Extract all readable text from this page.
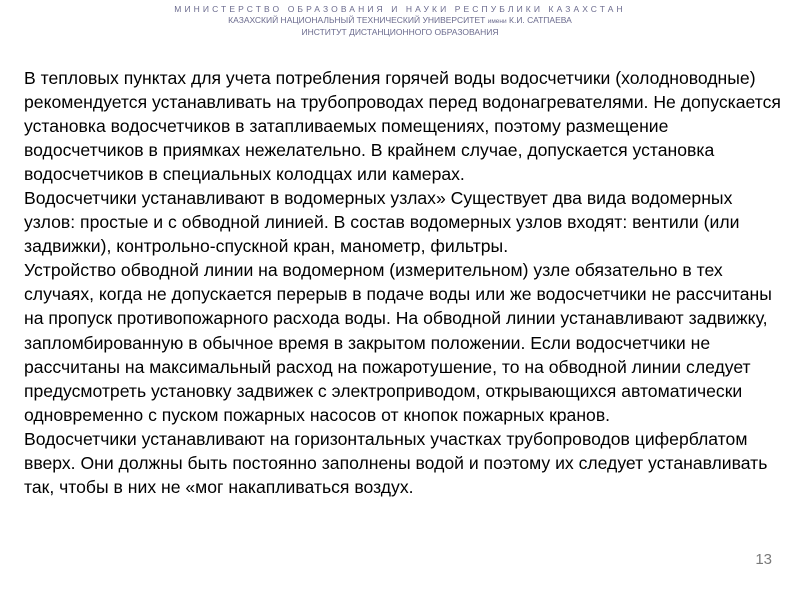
МИНИСТЕРСТВО ОБРАЗОВАНИЯ И НАУКИ РЕСПУБЛИКИ КАЗАХСТАН
КАЗАХСКИЙ НАЦИОНАЛЬНЫЙ ТЕХНИЧЕСКИЙ УНИВЕРСИТЕТ имени К.И. САТПАЕВА
ИНСТИТУТ ДИСТАНЦИОННОГО ОБРАЗОВАНИЯ

В тепловых пунктах для учета потребления горячей воды водосчетчики (холодноводные) рекомендуется устанавливать на трубопроводах перед водонагревателями. Не допускается установка водосчетчиков в затапливаемых помещениях, поэтому размещение водосчетчиков в приямках нежелательно. В крайнем случае, допускается установка водосчетчиков в специальных колодцах или камерах.

Водосчетчики устанавливают в водомерных узлах» Существует два вида водомерных узлов: простые и с обводной линией. В состав водомерных узлов входят: вентили (или задвижки), контрольно-спускной кран, манометр, фильтры.

Устройство обводной линии на водомерном (измерительном) узле обязательно в тех случаях, когда не допускается перерыв в подаче воды или же водосчетчики не рассчитаны на пропуск противопожарного расхода воды. На обводной линии устанавливают задвижку, запломбированную в обычное время в закрытом положении. Если водосчетчики не рассчитаны на максимальный расход на пожаротушение, то на обводной линии следует предусмотреть установку задвижек с электроприводом, открывающихся автоматически одновременно с пуском пожарных насосов от кнопок пожарных кранов.

Водосчетчики устанавливают на горизонтальных участках трубопроводов циферблатом вверх. Они должны быть постоянно заполнены водой и поэтому их следует устанавливать так, чтобы в них не «мог накапливаться воздух.

13
